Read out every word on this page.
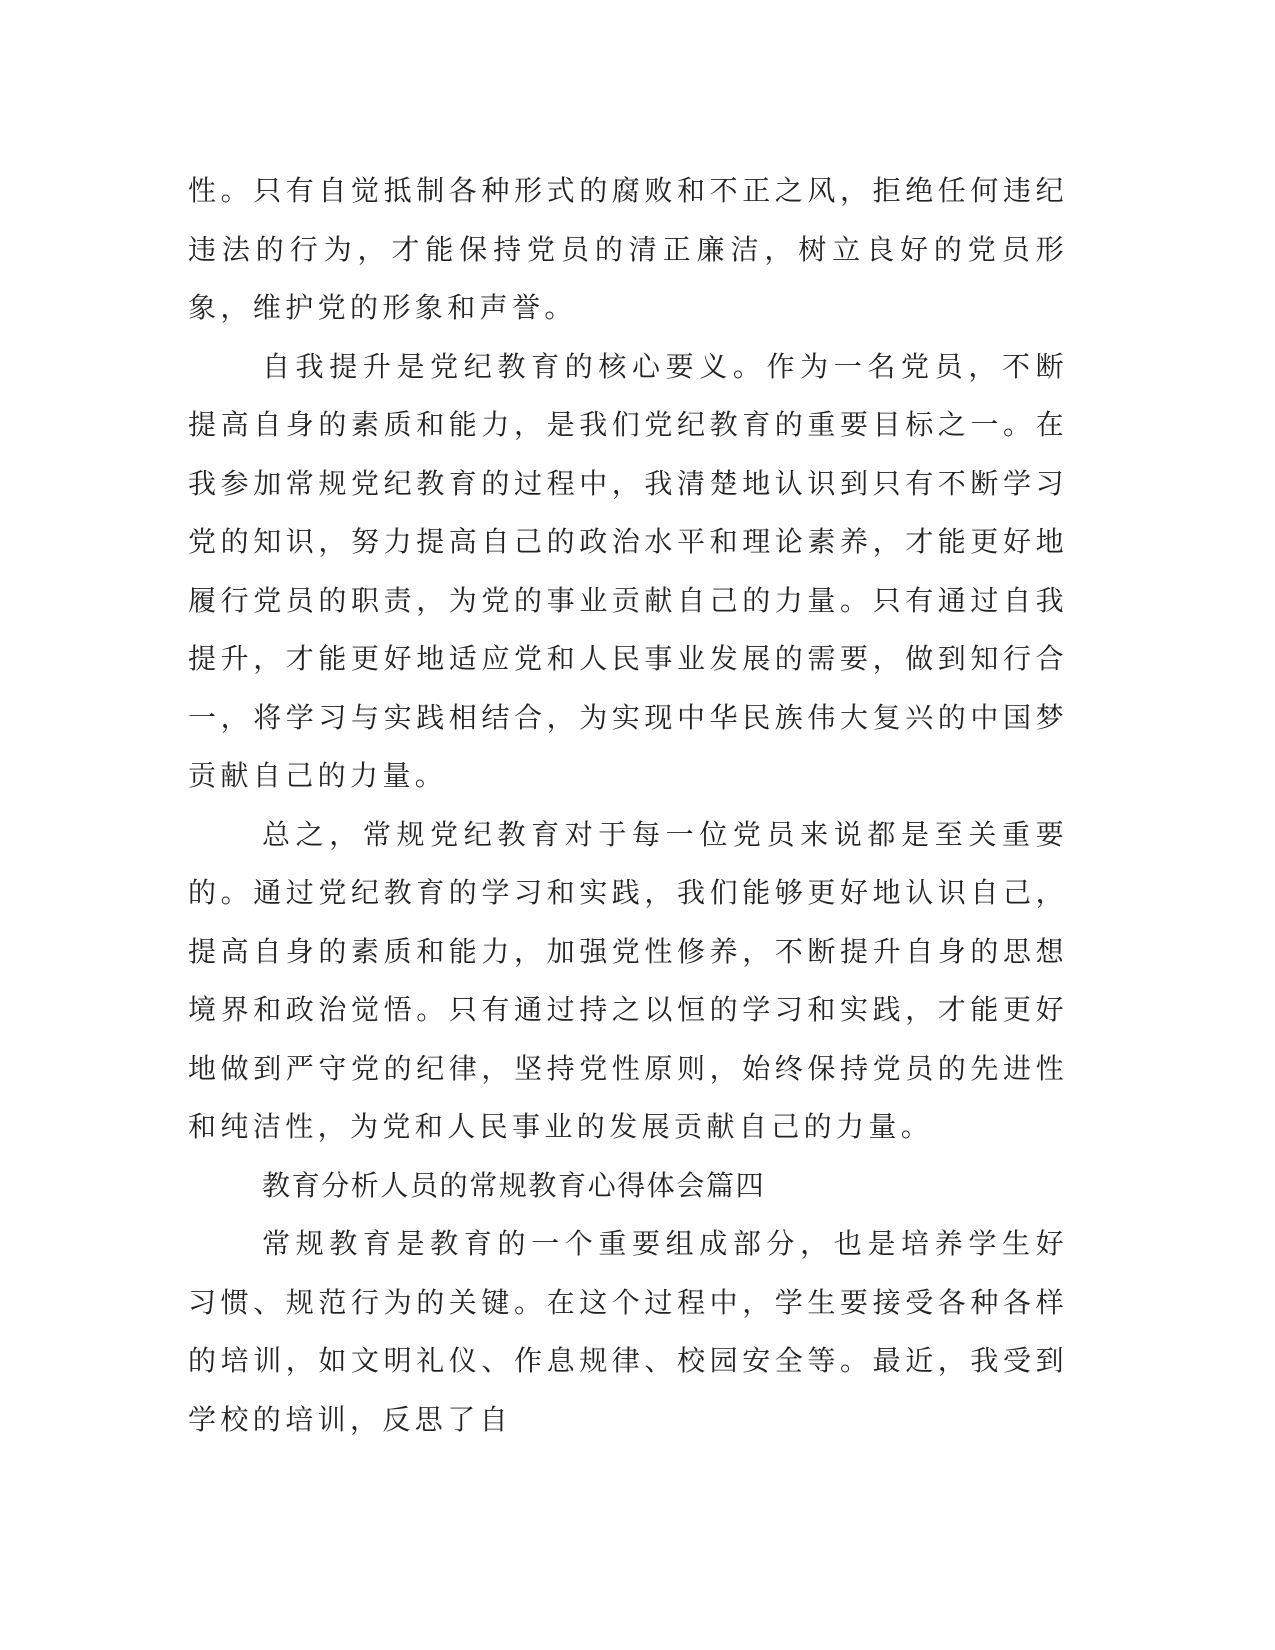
性。只有自觉抵制各种形式的腐败和不正之风，拒绝任何违纪违法的行为，才能保持党员的清正廉洁，树立良好的党员形象，维护党的形象和声誉。

自我提升是党纪教育的核心要义。作为一名党员，不断提高自身的素质和能力，是我们党纪教育的重要目标之一。在我参加常规党纪教育的过程中，我清楚地认识到只有不断学习党的知识，努力提高自己的政治水平和理论素养，才能更好地履行党员的职责，为党的事业贡献自己的力量。只有通过自我提升，才能更好地适应党和人民事业发展的需要，做到知行合一，将学习与实践相结合，为实现中华民族伟大复兴的中国梦贡献自己的力量。

总之，常规党纪教育对于每一位党员来说都是至关重要的。通过党纪教育的学习和实践，我们能够更好地认识自己，提高自身的素质和能力，加强党性修养，不断提升自身的思想境界和政治觉悟。只有通过持之以恒的学习和实践，才能更好地做到严守党的纪律，坚持党性原则，始终保持党员的先进性和纯洁性，为党和人民事业的发展贡献自己的力量。

教育分析人员的常规教育心得体会篇四

常规教育是教育的一个重要组成部分，也是培养学生好习惯、规范行为的关键。在这个过程中，学生要接受各种各样的培训，如文明礼仪、作息规律、校园安全等。最近，我受到学校的培训，反思了自
